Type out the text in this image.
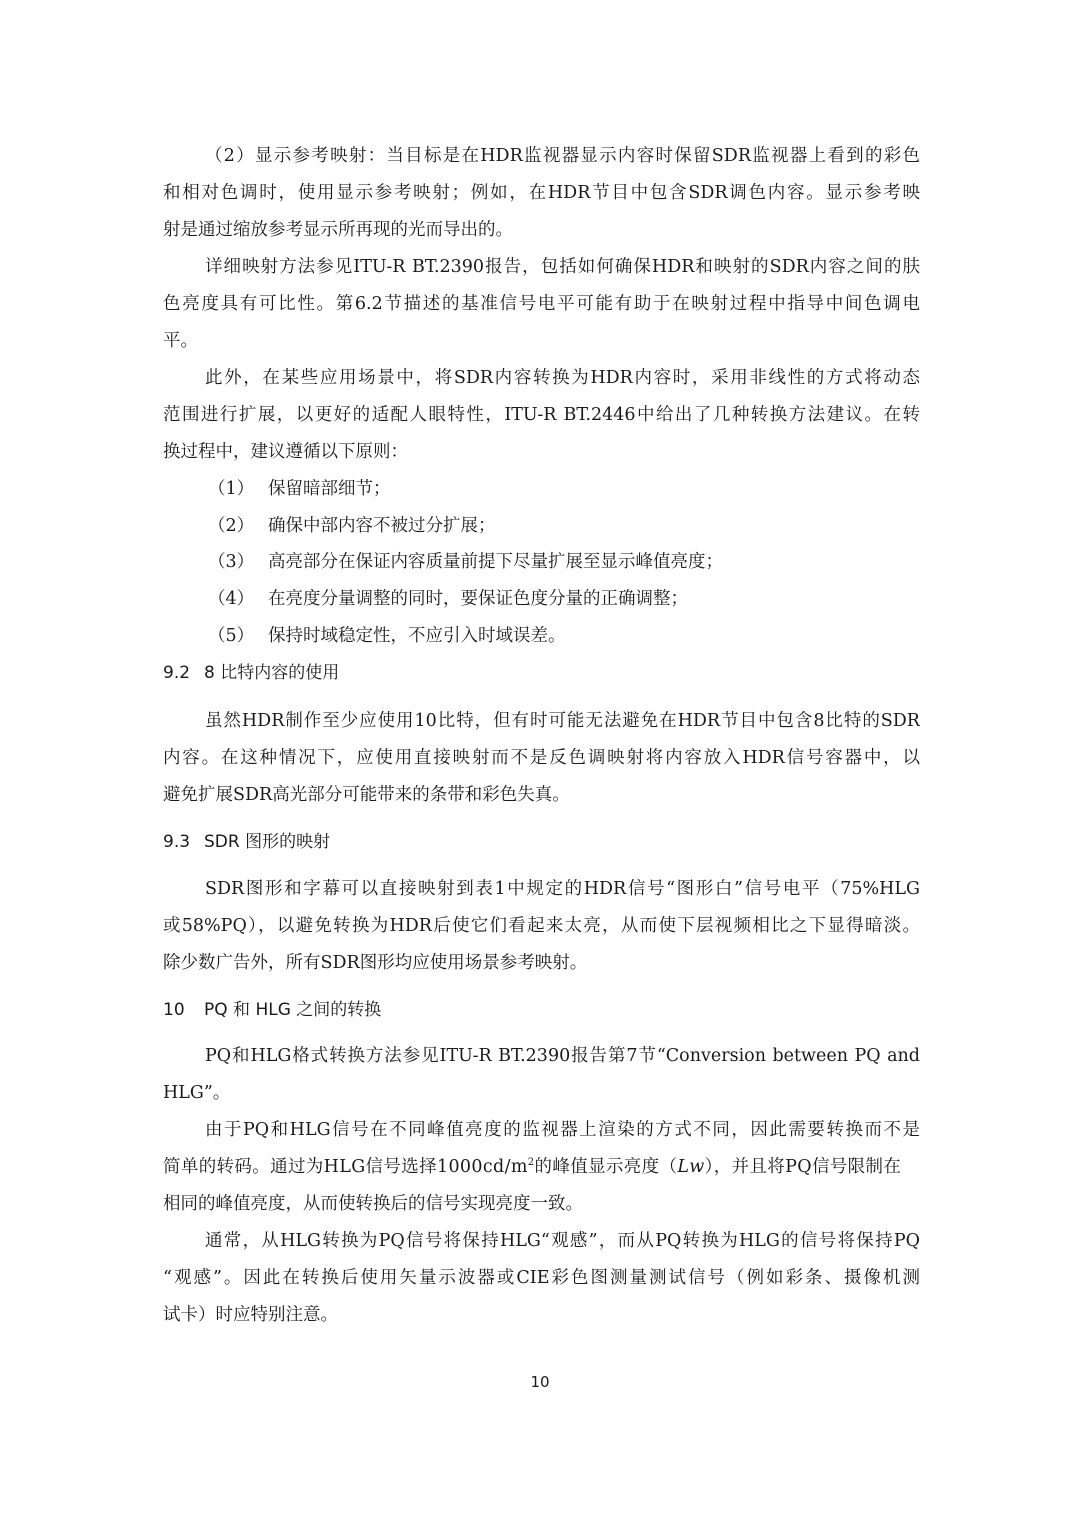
（2）显示参考映射：当目标是在HDR监视器显示内容时保留SDR监视器上看到的彩色
和相对色调时，使用显示参考映射；例如，在HDR节目中包含SDR调色内容。显示参考映
射是通过缩放参考显示所再现的光而导出的。
详细映射方法参见ITU-R BT.2390报告，包括如何确保HDR和映射的SDR内容之间的肤
色亮度具有可比性。第6.2节描述的基准信号电平可能有助于在映射过程中指导中间色调电
平。
此外，在某些应用场景中，将SDR内容转换为HDR内容时，采用非线性的方式将动态
范围进行扩展，以更好的适配人眼特性，ITU-R BT.2446中给出了几种转换方法建议。在转
换过程中，建议遵循以下原则：
（1） 保留暗部细节；
（2） 确保中部内容不被过分扩展；
（3） 高亮部分在保证内容质量前提下尽量扩展至显示峰值亮度；
（4） 在亮度分量调整的同时，要保证色度分量的正确调整；
（5） 保持时域稳定性，不应引入时域误差。
9.2 8 比特内容的使用
虽然HDR制作至少应使用10比特，但有时可能无法避免在HDR节目中包含8比特的SDR
内容。在这种情况下，应使用直接映射而不是反色调映射将内容放入HDR信号容器中，以
避免扩展SDR高光部分可能带来的条带和彩色失真。
9.3 SDR 图形的映射
SDR图形和字幕可以直接映射到表1中规定的HDR信号“图形白”信号电平（75%HLG
或58%PQ），以避免转换为HDR后使它们看起来太亮，从而使下层视频相比之下显得暗淡。
除少数广告外，所有SDR图形均应使用场景参考映射。
10 PQ 和 HLG 之间的转换
PQ和HLG格式转换方法参见ITU-R BT.2390报告第7节“Conversion between PQ and
HLG”。
由于PQ和HLG信号在不同峰值亮度的监视器上渲染的方式不同，因此需要转换而不是
简单的转码。通过为HLG信号选择$1000cd/m^2$的峰值显示亮度（Lw），并且将PQ信号限制在
相同的峰值亮度，从而使转换后的信号实现亮度一致。
通常，从HLG转换为PQ信号将保持HLG“观感”，而从PQ转换为HLG的信号将保持PQ
“观感”。因此在转换后使用矢量示波器或CIE彩色图测量测试信号（例如彩条、摄像机测
试卡）时应特别注意。
10
